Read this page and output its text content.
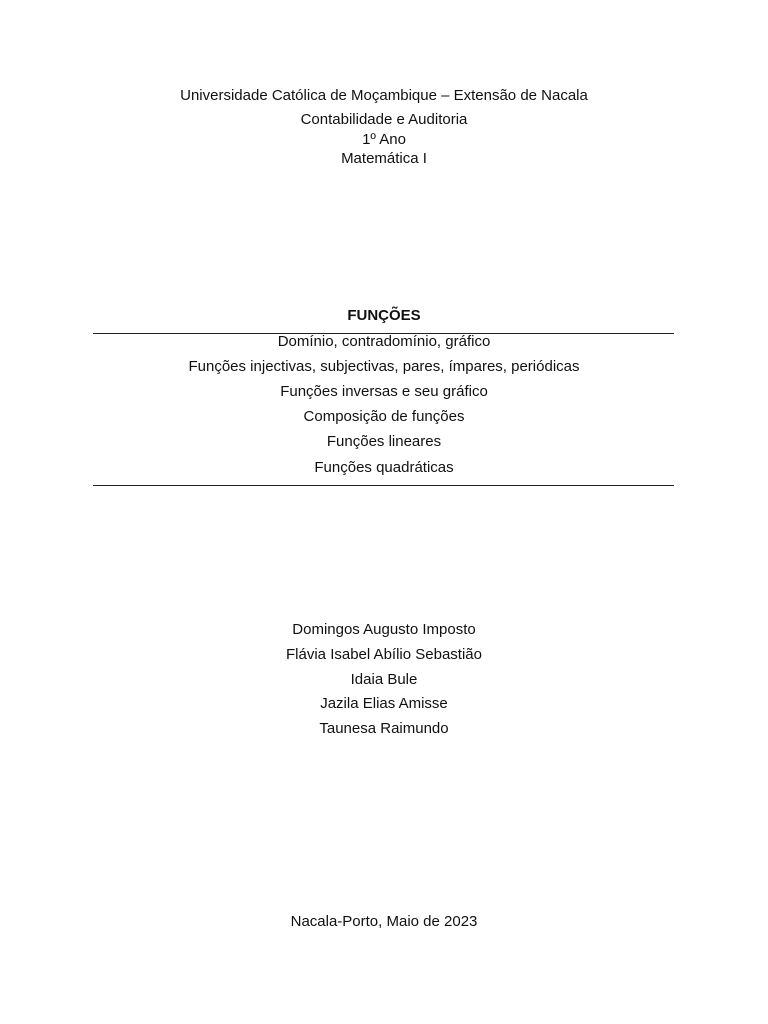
Universidade Católica de Moçambique – Extensão de Nacala
Contabilidade e Auditoria
1º Ano
Matemática I
FUNÇÕES
Domínio, contradomínio, gráfico
Funções injectivas, subjectivas, pares, ímpares, periódicas
Funções inversas e seu gráfico
Composição de funções
Funções lineares
Funções quadráticas
Domingos Augusto Imposto
Flávia Isabel Abílio Sebastião
Idaia Bule
Jazila Elias Amisse
Taunesa Raimundo
Nacala-Porto, Maio de 2023
